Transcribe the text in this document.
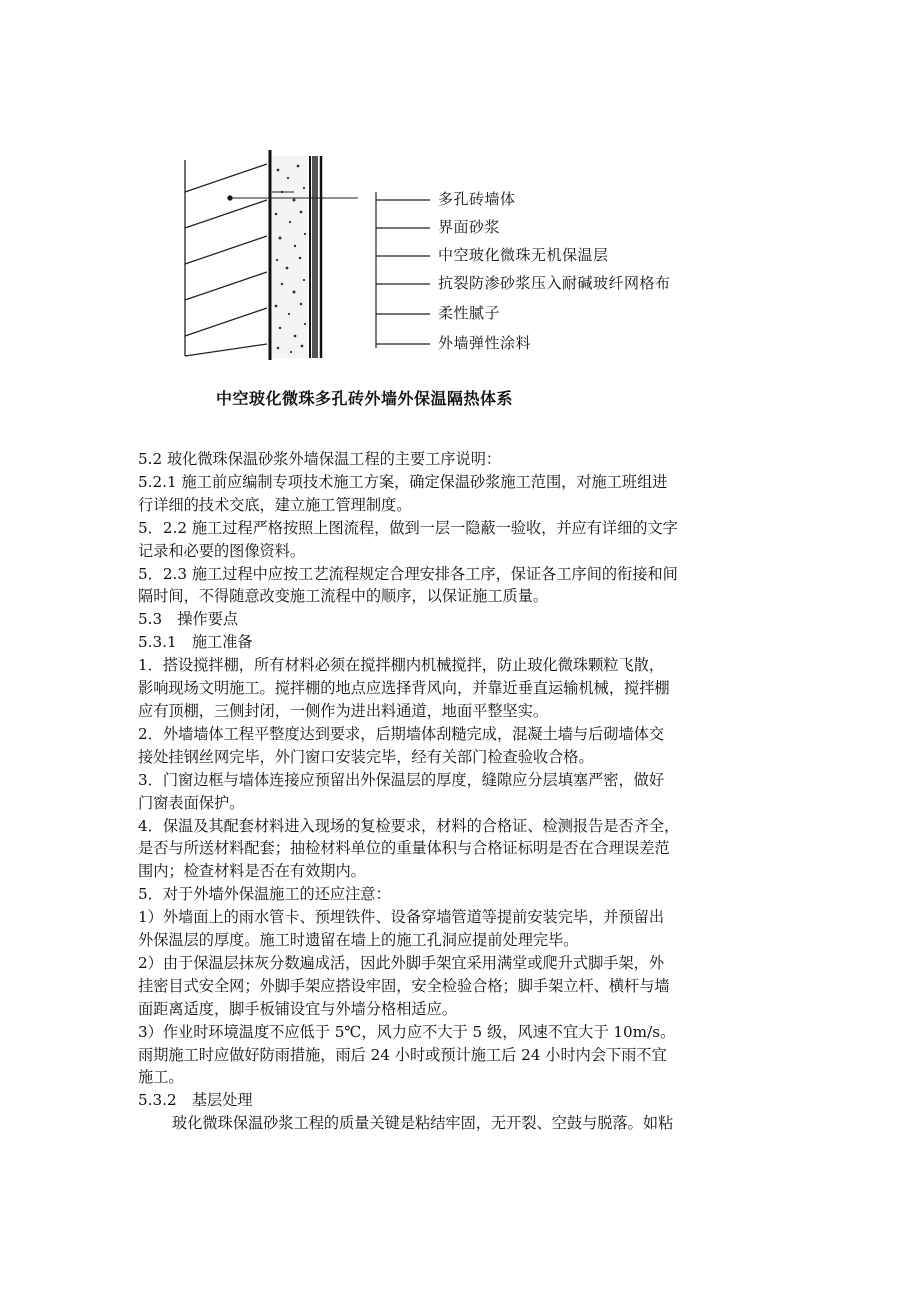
多孔砖墙体
界面砂浆
中空玻化微珠无机保温层
抗裂防渗砂浆压入耐碱玻纤网格布
柔性腻子
外墙弹性涂料
中空玻化微珠多孔砖外墙外保温隔热体系

5.2 玻化微珠保温砂浆外墙保温工程的主要工序说明：

5.2.1 施工前应编制专项技术施工方案，确定保温砂浆施工范围，对施工班组进

行详细的技术交底，建立施工管理制度。

5．2.2 施工过程严格按照上图流程，做到一层一隐蔽一验收，并应有详细的文字

记录和必要的图像资料。

5．2.3 施工过程中应按工艺流程规定合理安排各工序，保证各工序间的衔接和间

隔时间，不得随意改变施工流程中的顺序，以保证施工质量。

5.3　操作要点

5.3.1　施工准备

1．搭设搅拌棚，所有材料必须在搅拌棚内机械搅拌，防止玻化微珠颗粒飞散，

影响现场文明施工。搅拌棚的地点应选择背风向，并靠近垂直运输机械，搅拌棚

应有顶棚，三侧封闭，一侧作为进出料通道，地面平整坚实。

2．外墙墙体工程平整度达到要求，后期墙体刮糙完成，混凝土墙与后砌墙体交

接处挂钢丝网完毕，外门窗口安装完毕，经有关部门检查验收合格。

3．门窗边框与墙体连接应预留出外保温层的厚度，缝隙应分层填塞严密，做好

门窗表面保护。

4．保温及其配套材料进入现场的复检要求，材料的合格证、检测报告是否齐全，

是否与所送材料配套；抽检材料单位的重量体积与合格证标明是否在合理误差范

围内；检查材料是否在有效期内。

5．对于外墙外保温施工的还应注意：

1）外墙面上的雨水管卡、预埋铁件、设备穿墙管道等提前安装完毕，并预留出

外保温层的厚度。施工时遗留在墙上的施工孔洞应提前处理完毕。

2）由于保温层抹灰分数遍成活，因此外脚手架宜采用满堂或爬升式脚手架，外

挂密目式安全网；外脚手架应搭设牢固，安全检验合格；脚手架立杆、横杆与墙

面距离适度，脚手板铺设宜与外墙分格相适应。

3）作业时环境温度不应低于 5℃，风力应不大于 5 级，风速不宜大于 10m/s。

雨期施工时应做好防雨措施，雨后 24 小时或预计施工后 24 小时内会下雨不宜

施工。

5.3.2　基层处理

玻化微珠保温砂浆工程的质量关键是粘结牢固，无开裂、空鼓与脱落。如粘
